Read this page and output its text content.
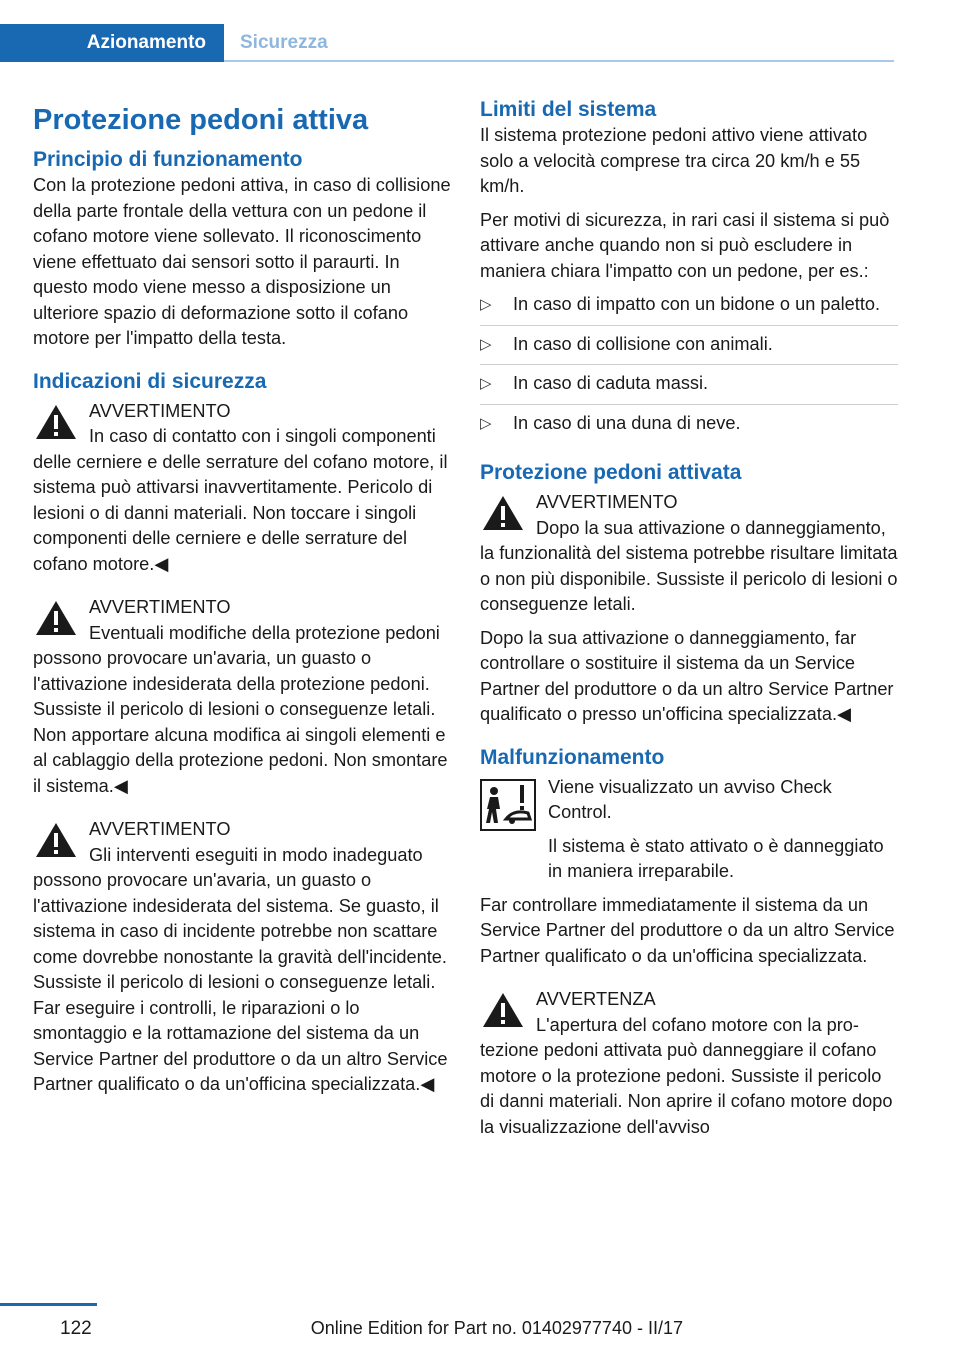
Azionamento	Sicurezza
Protezione pedoni attiva
Principio di funzionamento

Con la protezione pedoni attiva, in caso di collisione della parte frontale della vettura con un pedone il cofano motore viene sollevato. Il riconoscimento viene effettuato dai sensori sotto il paraurti. In questo modo viene messo a disposizione un ulteriore spazio di deformazione sotto il cofano motore per l'impatto della testa.

Indicazioni di sicurezza
AVVERTIMENTO

In caso di contatto con i singoli componenti delle cerniere e delle serrature del cofano motore, il sistema può attivarsi inavvertitamente. Pericolo di lesioni o di danni materiali. Non toccare i singoli componenti delle cerniere e delle serrature del cofano motore.◀

AVVERTIMENTO

Eventuali modifiche della protezione pedoni possono provocare un'avaria, un guasto o l'attivazione indesiderata della protezione pedoni. Sussiste il pericolo di lesioni o conseguenze letali. Non apportare alcuna modifica ai singoli elementi e al cablaggio della protezione pedoni. Non smontare il sistema.◀

AVVERTIMENTO

Gli interventi eseguiti in modo inadeguato possono provocare un'avaria, un guasto o l'attivazione indesiderata del sistema. Se guasto, il sistema in caso di incidente potrebbe non scattare come dovrebbe nonostante la gravità dell'incidente. Sussiste il pericolo di lesioni o conseguenze letali. Far eseguire i controlli, le riparazioni o lo smontaggio e la rottamazione del sistema da un Service Partner del produttore o da un altro Service Partner qualificato o da un'officina specializzata.◀

Limiti del sistema

Il sistema protezione pedoni attivo viene attivato solo a velocità comprese tra circa 20 km/h e 55 km/h.

Per motivi di sicurezza, in rari casi il sistema si può attivare anche quando non si può escludere in maniera chiara l'impatto con un pedone, per es.:

▷ In caso di impatto con un bidone o un paletto.
▷ In caso di collisione con animali.
▷ In caso di caduta massi.
▷ In caso di una duna di neve.
Protezione pedoni attivata
AVVERTIMENTO

Dopo la sua attivazione o danneggiamento, la funzionalità del sistema potrebbe risultare limitata o non più disponibile. Sussiste il pericolo di lesioni o conseguenze letali.

Dopo la sua attivazione o danneggiamento, far controllare o sostituire il sistema da un Service Partner del produttore o da un altro Service Partner qualificato o presso un'officina specializzata.◀

Malfunzionamento

Viene visualizzato un avviso Check Control.

Il sistema è stato attivato o è danneggiato in maniera irreparabile.

Far controllare immediatamente il sistema da un Service Partner del produttore o da un altro Service Partner qualificato o da un'officina specializzata.

AVVERTENZA

L'apertura del cofano motore con la protezione pedoni attivata può danneggiare il cofano motore o la protezione pedoni. Sussiste il pericolo di danni materiali. Non aprire il cofano motore dopo la visualizzazione dell'avviso

122	Online Edition for Part no. 01402977740 - II/17
